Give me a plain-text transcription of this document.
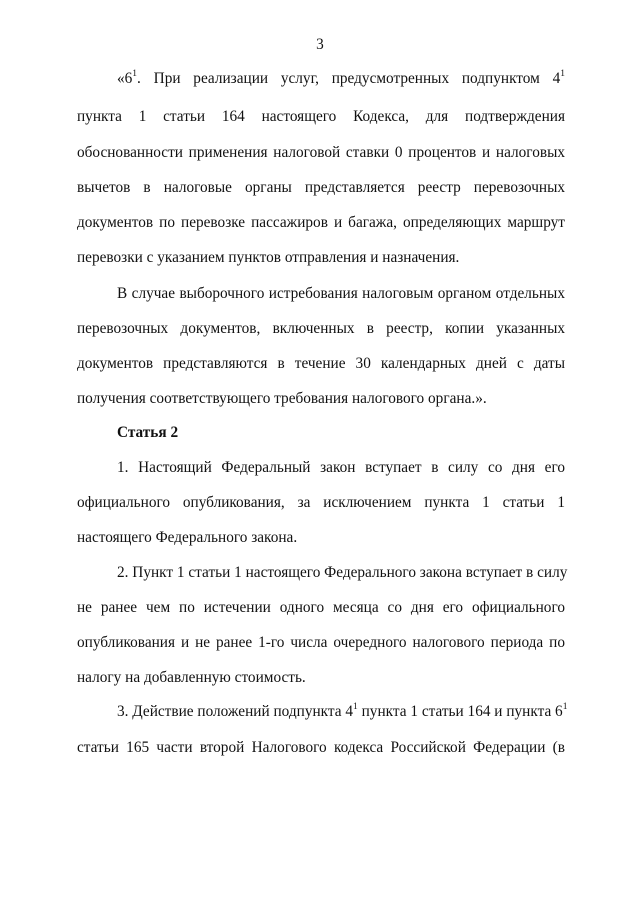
3
«$6^1$. При реализации услуг, предусмотренных подпунктом $4^1$
пункта 1 статьи 164 настоящего Кодекса, для подтверждения
обоснованности применения налоговой ставки 0 процентов и налоговых
вычетов в налоговые органы представляется реестр перевозочных
документов по перевозке пассажиров и багажа, определяющих маршрут
перевозки с указанием пунктов отправления и назначения.
В случае выборочного истребования налоговым органом отдельных
перевозочных документов, включенных в реестр, копии указанных
документов представляются в течение 30 календарных дней с даты
получения соответствующего требования налогового органа.».
Статья 2
1. Настоящий Федеральный закон вступает в силу со дня его
официального опубликования, за исключением пункта 1 статьи 1
настоящего Федерального закона.
2. Пункт 1 статьи 1 настоящего Федерального закона вступает в силу
не ранее чем по истечении одного месяца со дня его официального
опубликования и не ранее 1-го числа очередного налогового периода по
налогу на добавленную стоимость.
3. Действие положений подпункта $4^1$ пункта 1 статьи 164 и пункта $6^1$
статьи 165 части второй Налогового кодекса Российской Федерации (в
